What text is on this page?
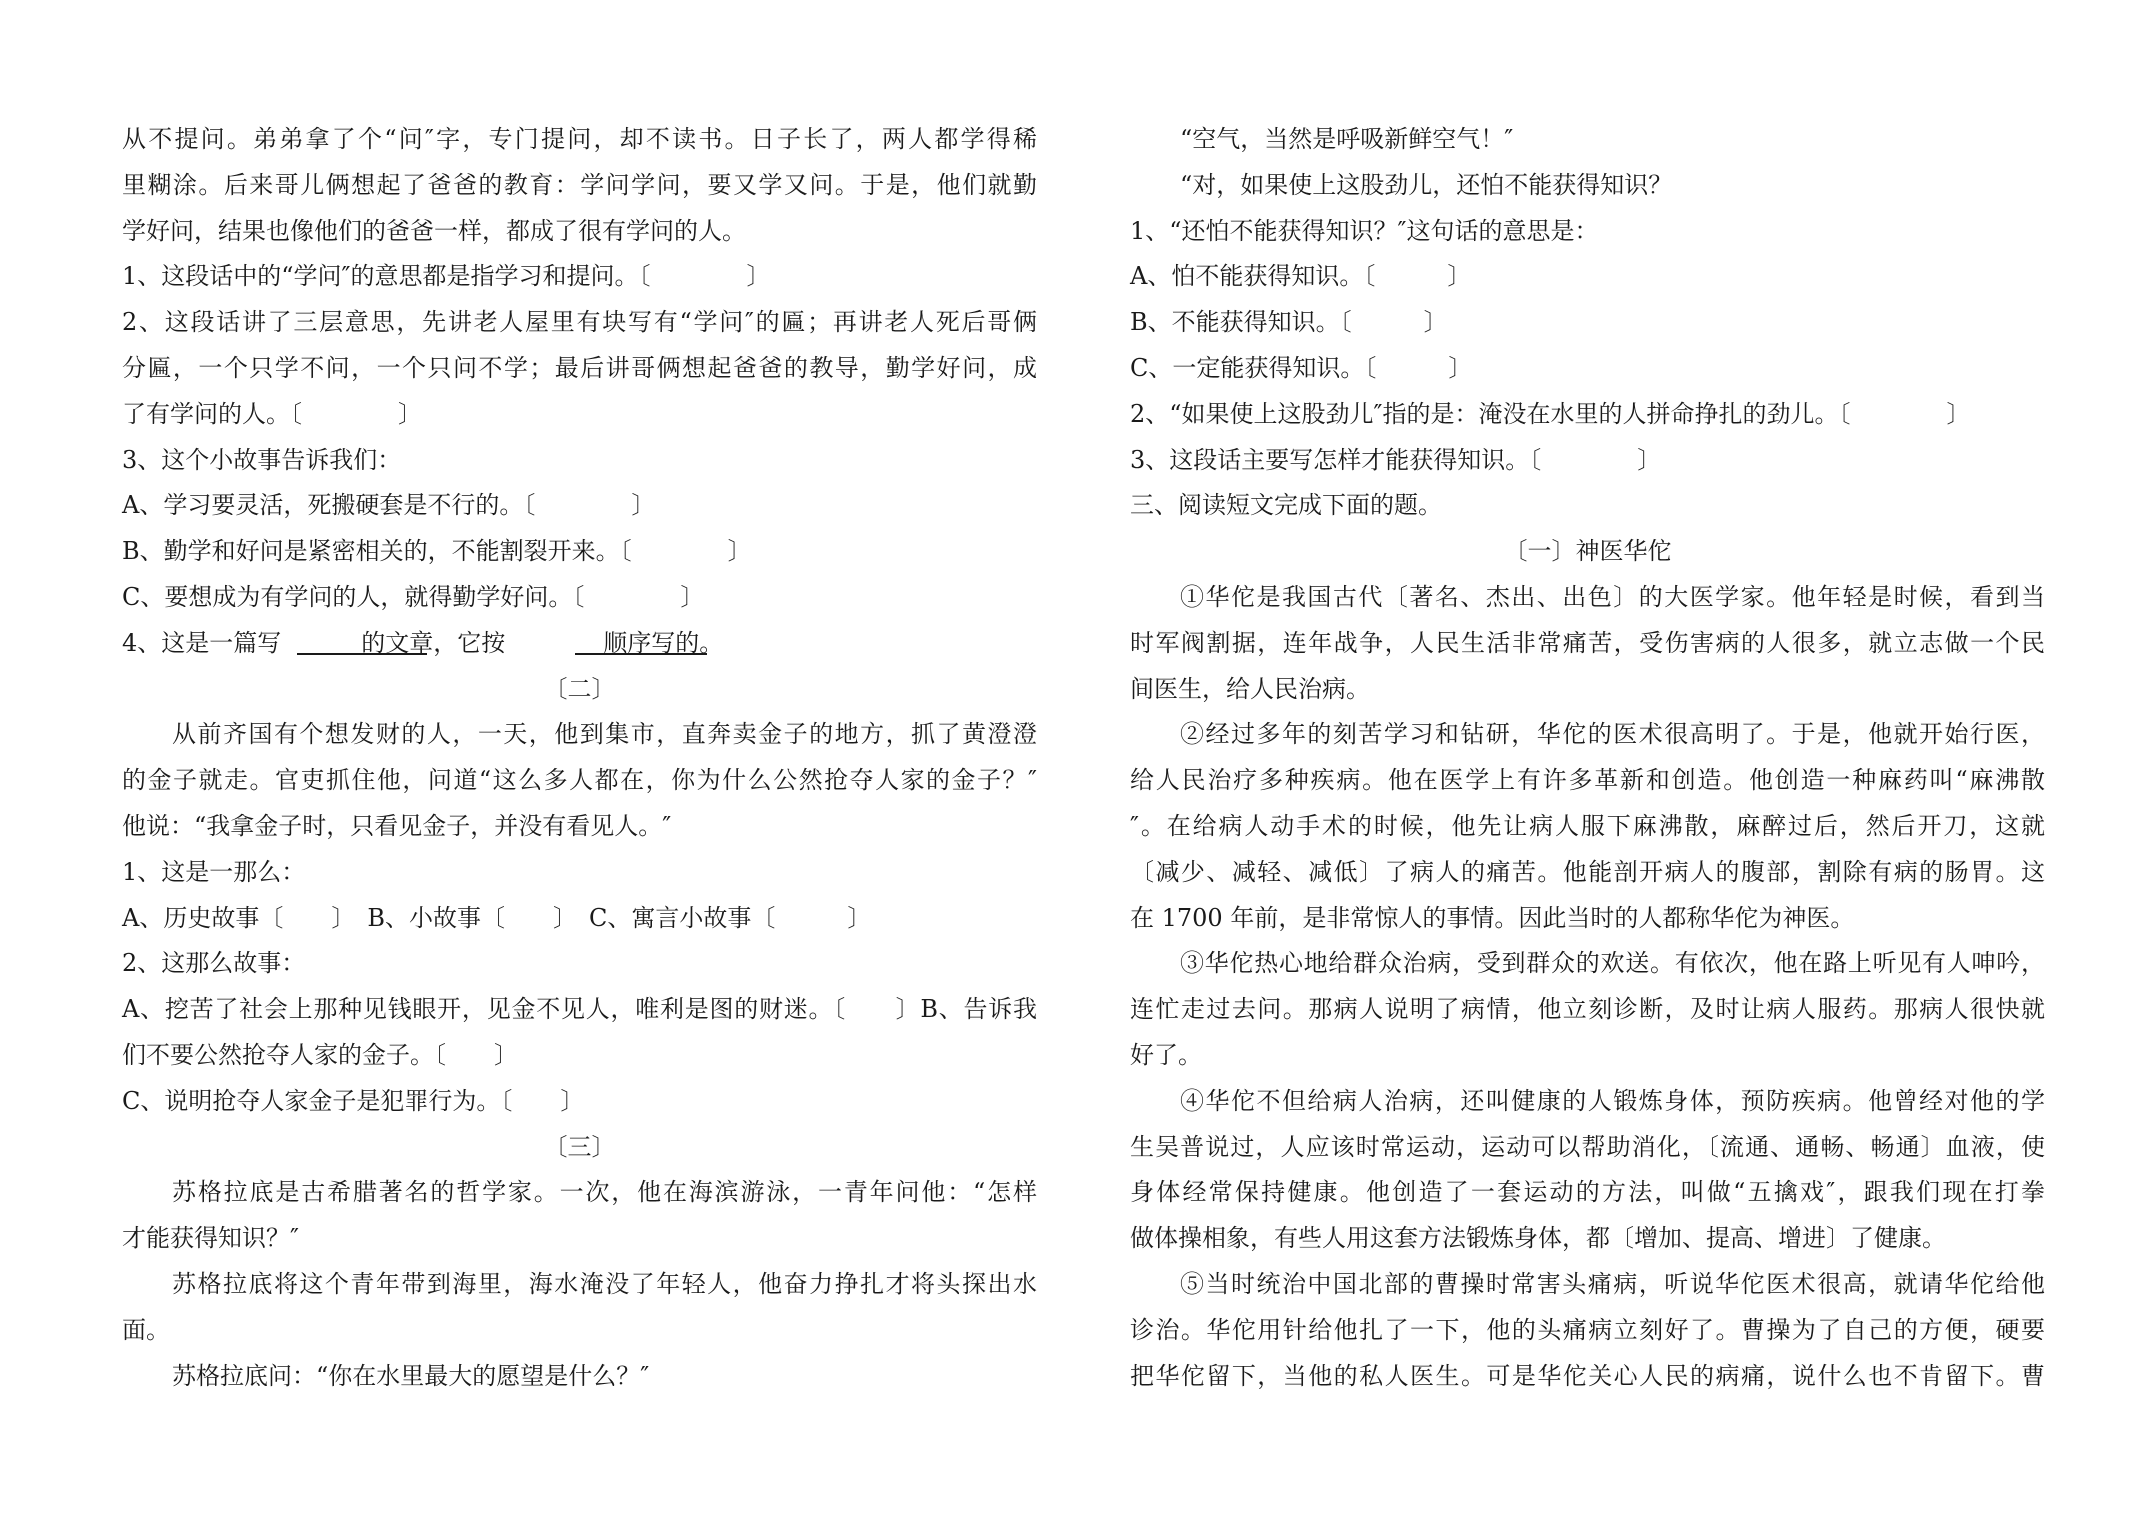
从不提问。弟弟拿了个“问″字，专门提问，却不读书。日子长了，两人都学得稀
里糊涂。后来哥儿俩想起了爸爸的教育：学问学问，要又学又问。于是，他们就勤
学好问，结果也像他们的爸爸一样，都成了很有学问的人。
1、这段话中的“学问″的意思都是指学习和提问。〔　　　　〕
2、这段话讲了三层意思，先讲老人屋里有块写有“学问″的匾；再讲老人死后哥俩
分匾，一个只学不问，一个只问不学；最后讲哥俩想起爸爸的教导，勤学好问，成
了有学问的人。〔　　　　〕
3、这个小故事告诉我们：
A、学习要灵活，死搬硬套是不行的。〔　　　　〕
B、勤学和好问是紧密相关的，不能割裂开来。〔　　　　〕
C、要想成为有学问的人，就得勤学好问。〔　　　　〕
4、这是一篇写	的文章，它按	顺序写的。
〔二〕
从前齐国有个想发财的人，一天，他到集市，直奔卖金子的地方，抓了黄澄澄
的金子就走。官吏抓住他，问道“这么多人都在，你为什么公然抢夺人家的金子？″
他说：“我拿金子时，只看见金子，并没有看见人。″
1、这是一那么：
A、历史故事〔　　〕　B、小故事〔　　〕　C、寓言小故事〔　　　〕
2、这那么故事：
A、挖苦了社会上那种见钱眼开，见金不见人，唯利是图的财迷。〔　　〕B、告诉我
们不要公然抢夺人家的金子。〔　　〕
C、说明抢夺人家金子是犯罪行为。〔　　〕
〔三〕
苏格拉底是古希腊著名的哲学家。一次，他在海滨游泳，一青年问他：“怎样
才能获得知识？″
苏格拉底将这个青年带到海里，海水淹没了年轻人，他奋力挣扎才将头探出水
面。
苏格拉底问：“你在水里最大的愿望是什么？″
“空气，当然是呼吸新鲜空气！″
“对，如果使上这股劲儿，还怕不能获得知识？
1、“还怕不能获得知识？″这句话的意思是：
A、怕不能获得知识。〔　　　〕
B、不能获得知识。〔　　　〕
C、一定能获得知识。〔　　　〕
2、“如果使上这股劲儿″指的是：淹没在水里的人拼命挣扎的劲儿。〔　　　　〕
3、这段话主要写怎样才能获得知识。〔　　　　〕
三、阅读短文完成下面的题。
〔一〕神医华佗
①华佗是我国古代〔著名、杰出、出色〕的大医学家。他年轻是时候，看到当
时军阀割据，连年战争，人民生活非常痛苦，受伤害病的人很多，就立志做一个民
间医生，给人民治病。
②经过多年的刻苦学习和钻研，华佗的医术很高明了。于是，他就开始行医，
给人民治疗多种疾病。他在医学上有许多革新和创造。他创造一种麻药叫“麻沸散
″。在给病人动手术的时候，他先让病人服下麻沸散，麻醉过后，然后开刀，这就
〔减少、减轻、减低〕了病人的痛苦。他能剖开病人的腹部，割除有病的肠胃。这
在 1700 年前，是非常惊人的事情。因此当时的人都称华佗为神医。
③华佗热心地给群众治病，受到群众的欢送。有依次，他在路上听见有人呻吟，
连忙走过去问。那病人说明了病情，他立刻诊断，及时让病人服药。那病人很快就
好了。
④华佗不但给病人治病，还叫健康的人锻炼身体，预防疾病。他曾经对他的学
生吴普说过，人应该时常运动，运动可以帮助消化，〔流通、通畅、畅通〕血液，使
身体经常保持健康。他创造了一套运动的方法，叫做“五擒戏″，跟我们现在打拳
做体操相象，有些人用这套方法锻炼身体，都〔增加、提高、增进〕了健康。
⑤当时统治中国北部的曹操时常害头痛病，听说华佗医术很高，就请华佗给他
诊治。华佗用针给他扎了一下，他的头痛病立刻好了。曹操为了自己的方便，硬要
把华佗留下，当他的私人医生。可是华佗关心人民的病痛，说什么也不肯留下。曹
